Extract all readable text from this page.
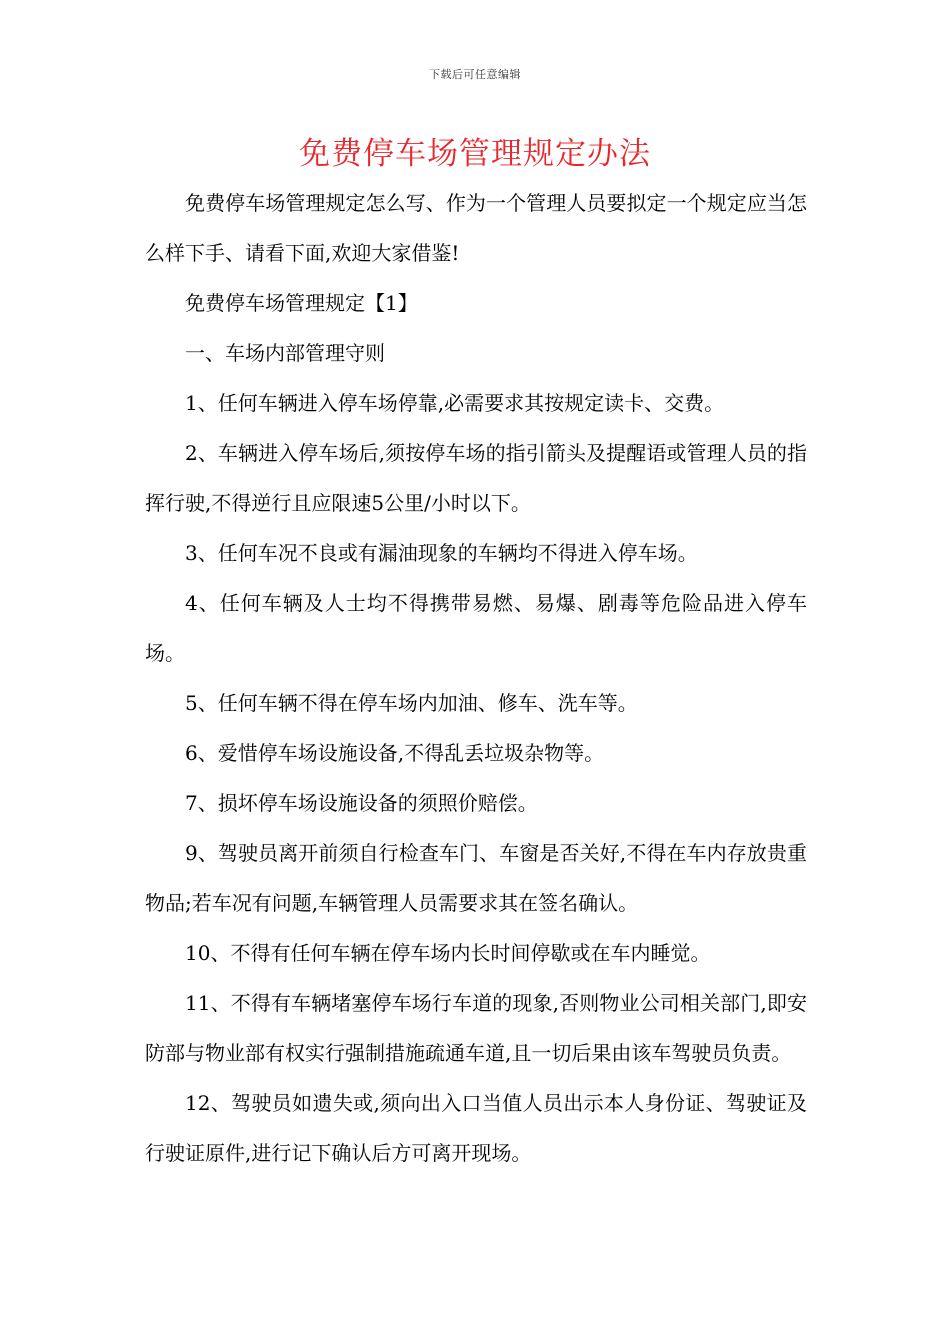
下载后可任意编辑
免费停车场管理规定办法

免费停车场管理规定怎么写、作为一个管理人员要拟定一个规定应当怎么样下手、请看下面,欢迎大家借鉴!

免费停车场管理规定【1】

一、车场内部管理守则

1、任何车辆进入停车场停靠,必需要求其按规定读卡、交费。

2、车辆进入停车场后,须按停车场的指引箭头及提醒语或管理人员的指挥行驶,不得逆行且应限速5公里/小时以下。

3、任何车况不良或有漏油现象的车辆均不得进入停车场。

4、任何车辆及人士均不得携带易燃、易爆、剧毒等危险品进入停车场。

5、任何车辆不得在停车场内加油、修车、洗车等。

6、爱惜停车场设施设备,不得乱丢垃圾杂物等。

7、损坏停车场设施设备的须照价赔偿。

9、驾驶员离开前须自行检查车门、车窗是否关好,不得在车内存放贵重物品;若车况有问题,车辆管理人员需要求其在签名确认。

10、不得有任何车辆在停车场内长时间停歇或在车内睡觉。

11、不得有车辆堵塞停车场行车道的现象,否则物业公司相关部门,即安防部与物业部有权实行强制措施疏通车道,且一切后果由该车驾驶员负责。

12、驾驶员如遗失或,须向出入口当值人员出示本人身份证、驾驶证及行驶证原件,进行记下确认后方可离开现场。
